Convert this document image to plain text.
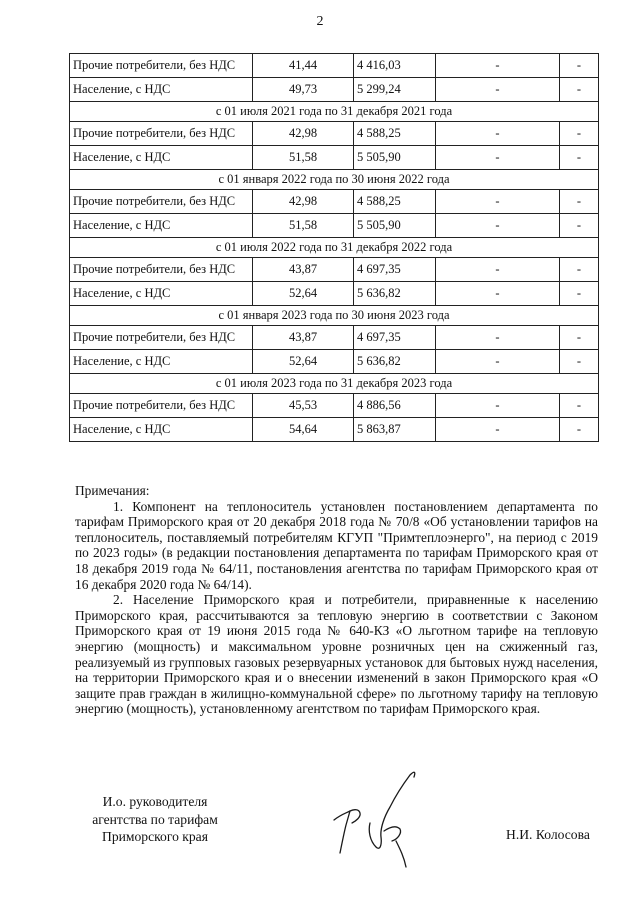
2
Прочие потребители, без НДС	41,44	4 416,03	-	-
Население, с НДС	49,73	5 299,24	-	-
с 01 июля 2021 года по 31 декабря 2021 года				
Прочие потребители, без НДС	42,98	4 588,25	-	-
Население, с НДС	51,58	5 505,90	-	-
с 01 января 2022 года по 30 июня 2022 года				
Прочие потребители, без НДС	42,98	4 588,25	-	-
Население, с НДС	51,58	5 505,90	-	-
с 01 июля 2022 года по 31 декабря 2022 года				
Прочие потребители, без НДС	43,87	4 697,35	-	-
Население, с НДС	52,64	5 636,82	-	-
с 01 января 2023 года по 30 июня 2023 года				
Прочие потребители, без НДС	43,87	4 697,35	-	-
Население, с НДС	52,64	5 636,82	-	-
с 01 июля 2023 года по 31 декабря 2023 года				
Прочие потребители, без НДС	45,53	4 886,56	-	-
Население, с НДС	54,64	5 863,87	-	-

Примечания:

1. Компонент на теплоноситель установлен постановлением департамента по тарифам Приморского края от 20 декабря 2018 года № 70/8 «Об установлении тарифов на теплоноситель, поставляемый потребителям КГУП "Примтеплоэнерго", на период с 2019 по 2023 годы» (в редакции постановления департамента по тарифам Приморского края от 18 декабря 2019 года № 64/11, постановления агентства по тарифам Приморского края от 16 декабря 2020 года № 64/14).

2. Население Приморского края и потребители, приравненные к населению Приморского края, рассчитываются за тепловую энергию в соответствии с Законом Приморского края от 19 июня 2015 года № 640-КЗ «О льготном тарифе на тепловую энергию (мощность) и максимальном уровне розничных цен на сжиженный газ, реализуемый из групповых газовых резервуарных установок для бытовых нужд населения, на территории Приморского края и о внесении изменений в закон Приморского края «О защите прав граждан в жилищно-коммунальной сфере» по льготному тарифу на тепловую энергию (мощность), установленному агентством по тарифам Приморского края.

И.о. руководителя
агентства по тарифам
Приморского края	Н.И. Колосова
